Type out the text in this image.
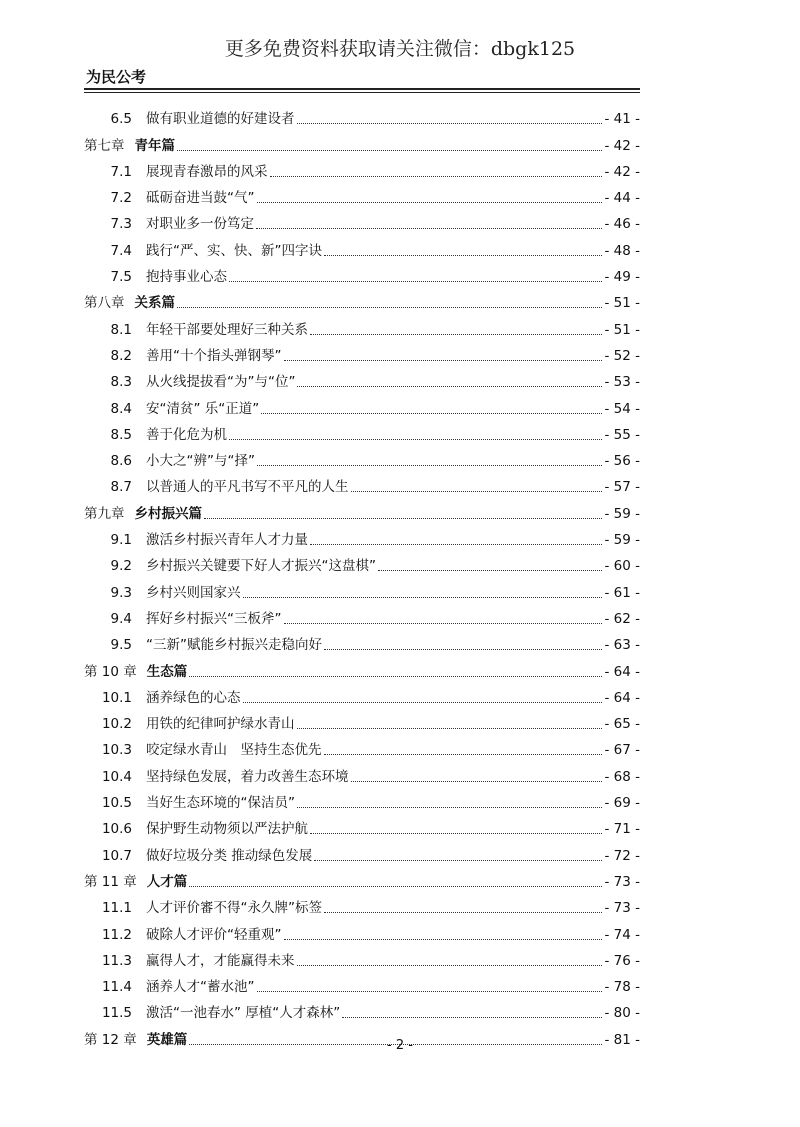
更多免费资料获取请关注微信：dbgk125
为民公考
6.5 做有职业道德的好建设者	- 41 -
第七章 青年篇	- 42 -
7.1 展现青春激昂的风采	- 42 -
7.2 砥砺奋进当鼓“气”	- 44 -
7.3 对职业多一份笃定	- 46 -
7.4 践行“严、实、快、新”四字诀	- 48 -
7.5 抱持事业心态	- 49 -
第八章 关系篇	- 51 -
8.1 年轻干部要处理好三种关系	- 51 -
8.2 善用“十个指头弹钢琴”	- 52 -
8.3 从火线提拔看“为”与“位”	- 53 -
8.4 安“清贫” 乐“正道”	- 54 -
8.5 善于化危为机	- 55 -
8.6 小大之“辨”与“择”	- 56 -
8.7 以普通人的平凡书写不平凡的人生	- 57 -
第九章 乡村振兴篇	- 59 -
9.1 激活乡村振兴青年人才力量	- 59 -
9.2 乡村振兴关键要下好人才振兴“这盘棋”	- 60 -
9.3 乡村兴则国家兴	- 61 -
9.4 挥好乡村振兴“三板斧”	- 62 -
9.5 “三新”赋能乡村振兴走稳向好	- 63 -
第 10 章 生态篇	- 64 -
10.1 涵养绿色的心态	- 64 -
10.2 用铁的纪律呵护绿水青山	- 65 -
10.3 咬定绿水青山　坚持生态优先	- 67 -
10.4 坚持绿色发展，着力改善生态环境	- 68 -
10.5 当好生态环境的“保洁员”	- 69 -
10.6 保护野生动物须以严法护航	- 71 -
10.7 做好垃圾分类 推动绿色发展	- 72 -
第 11 章 人才篇	- 73 -
11.1 人才评价審不得“永久牌”标签	- 73 -
11.2 破除人才评价“轻重观”	- 74 -
11.3 赢得人才，才能赢得未来	- 76 -
11.4 涵养人才“蓄水池”	- 78 -
11.5 激活“一池春水” 厚植“人才森林”	- 80 -
第 12 章 英雄篇	- 81 -
- 2 -
